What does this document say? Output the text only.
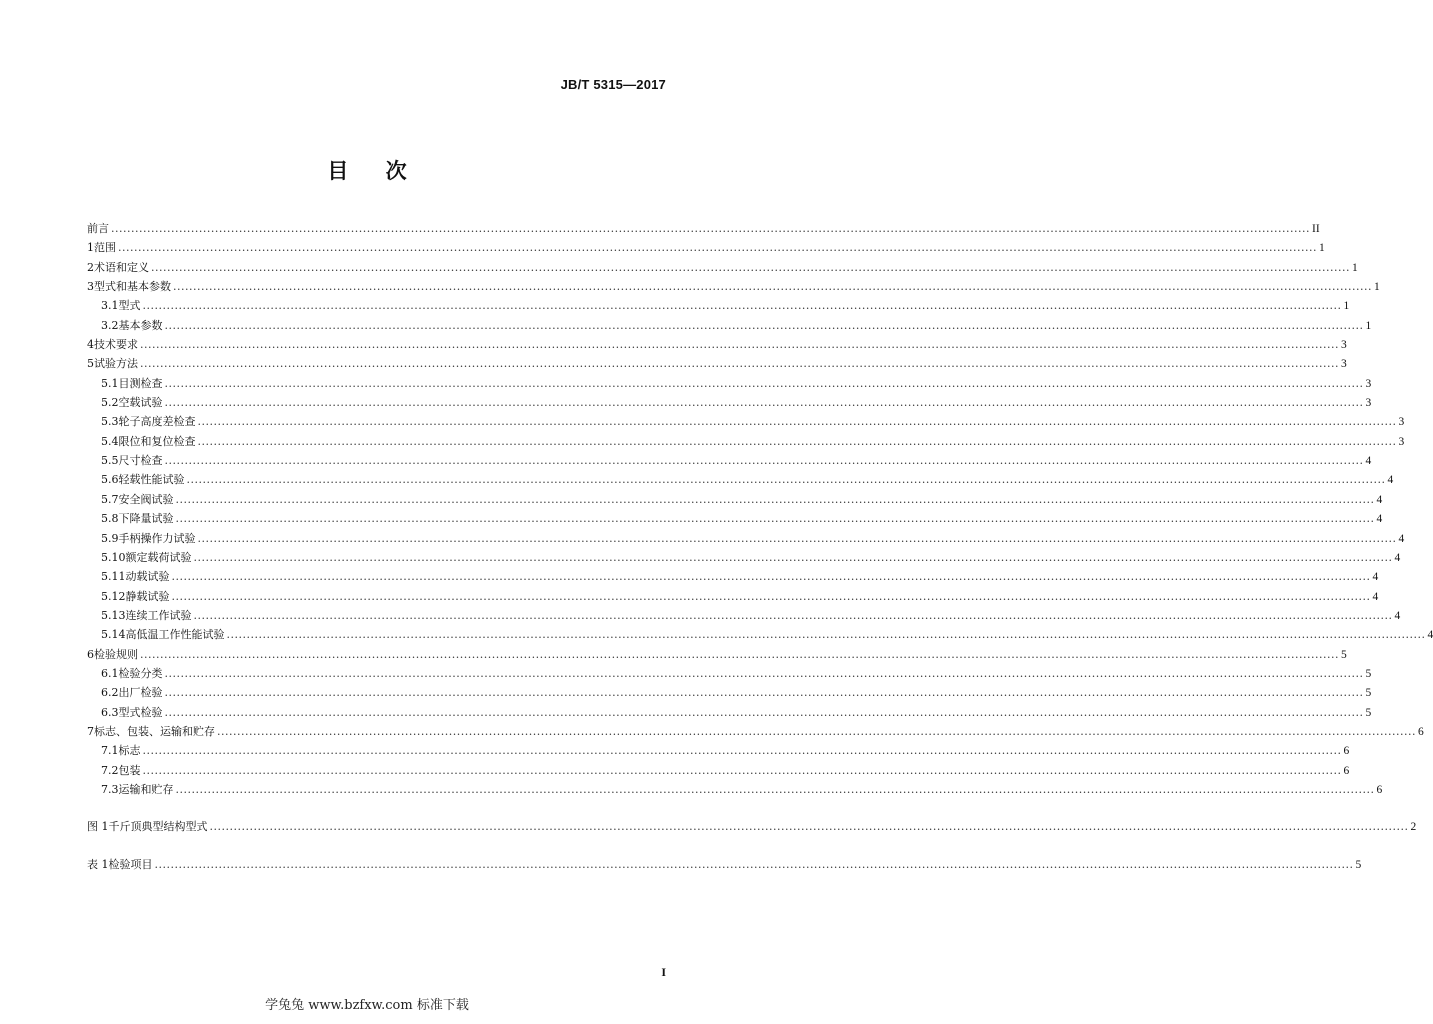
JB/T 5315—2017
目 次
前言 ............................................................................................................................................................................................................................................................................................................ II
1 范围 ............................................................................................................................................................................................................................................................................................................ 1
2 术语和定义 ............................................................................................................................................................................................................................................................................................................ 1
3 型式和基本参数 ............................................................................................................................................................................................................................................................................................................ 1
3.1 型式 ............................................................................................................................................................................................................................................................................................................ 1
3.2 基本参数 ............................................................................................................................................................................................................................................................................................................ 1
4 技术要求 ............................................................................................................................................................................................................................................................................................................ 3
5 试验方法 ............................................................................................................................................................................................................................................................................................................ 3
5.1 目测检查 ............................................................................................................................................................................................................................................................................................................ 3
5.2 空载试验 ............................................................................................................................................................................................................................................................................................................ 3
5.3 轮子高度差检查 ............................................................................................................................................................................................................................................................................................................ 3
5.4 限位和复位检查 ............................................................................................................................................................................................................................................................................................................ 3
5.5 尺寸检查 ............................................................................................................................................................................................................................................................................................................ 4
5.6 轻载性能试验 ............................................................................................................................................................................................................................................................................................................ 4
5.7 安全阀试验 ............................................................................................................................................................................................................................................................................................................ 4
5.8 下降量试验 ............................................................................................................................................................................................................................................................................................................ 4
5.9 手柄操作力试验 ............................................................................................................................................................................................................................................................................................................ 4
5.10 额定载荷试验 ............................................................................................................................................................................................................................................................................................................ 4
5.11 动载试验 ............................................................................................................................................................................................................................................................................................................ 4
5.12 静载试验 ............................................................................................................................................................................................................................................................................................................ 4
5.13 连续工作试验 ............................................................................................................................................................................................................................................................................................................ 4
5.14 高低温工作性能试验 ............................................................................................................................................................................................................................................................................................................ 4
6 检验规则 ............................................................................................................................................................................................................................................................................................................ 5
6.1 检验分类 ............................................................................................................................................................................................................................................................................................................ 5
6.2 出厂检验 ............................................................................................................................................................................................................................................................................................................ 5
6.3 型式检验 ............................................................................................................................................................................................................................................................................................................ 5
7 标志、包装、运输和贮存 ............................................................................................................................................................................................................................................................................................................ 6
7.1 标志 ............................................................................................................................................................................................................................................................................................................ 6
7.2 包装 ............................................................................................................................................................................................................................................................................................................ 6
7.3 运输和贮存 ............................................................................................................................................................................................................................................................................................................ 6
图 1 千斤顶典型结构型式 ............................................................................................................................................................................................................................................................................................................ 2
表 1 检验项目 ............................................................................................................................................................................................................................................................................................................ 5
I
学兔兔 www.bzfxw.com 标准下载
